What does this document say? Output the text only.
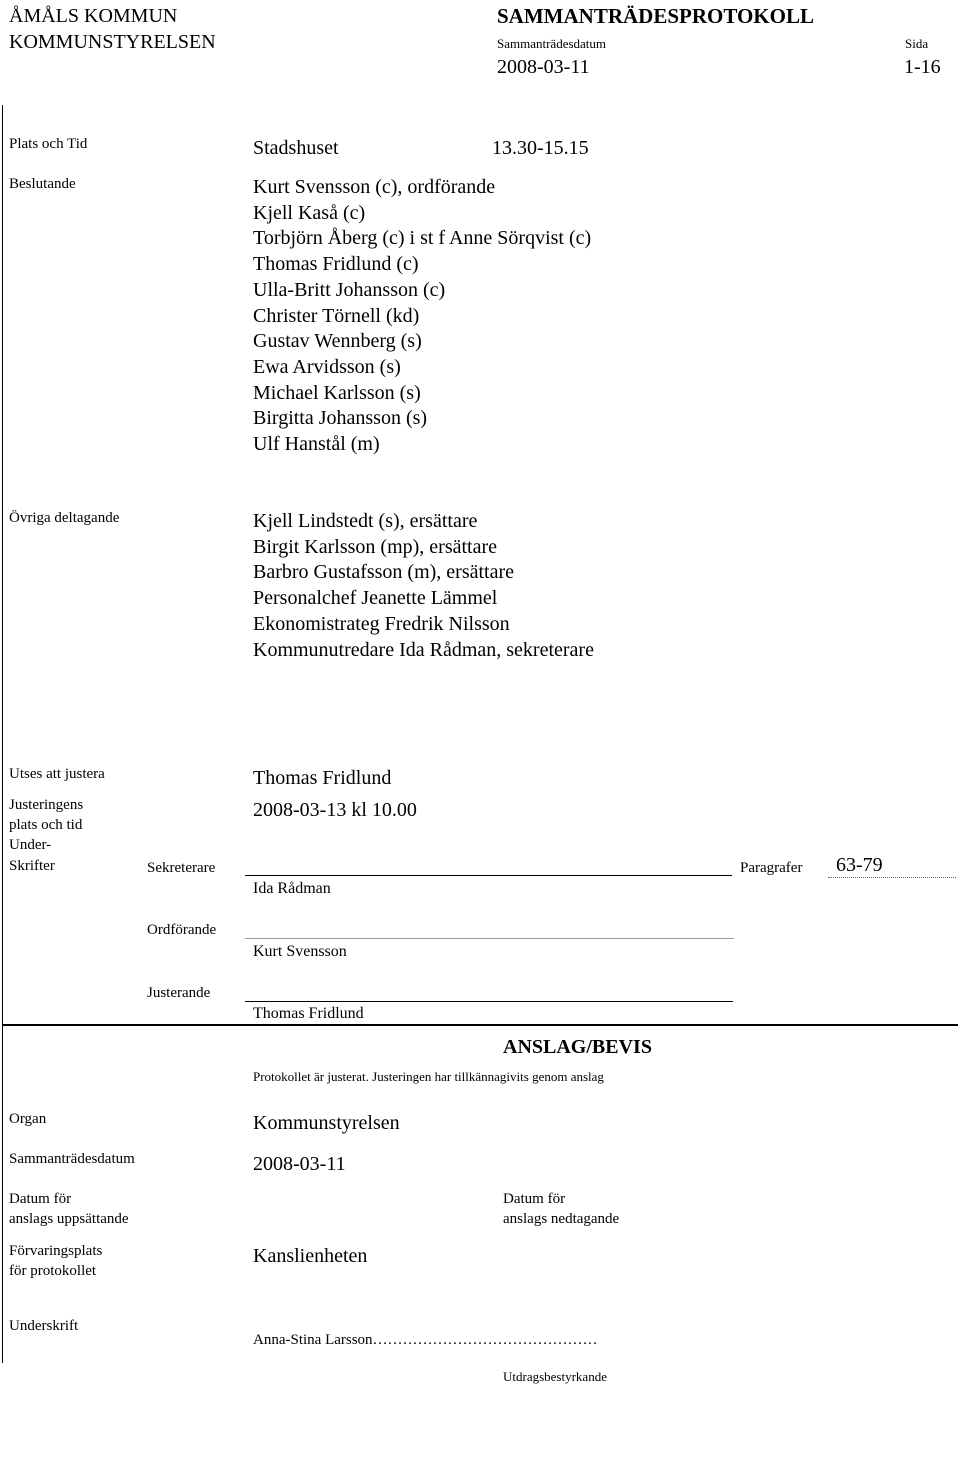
ÅMÅLS KOMMUN
KOMMUNSTYRELSEN
SAMMANTRÄDESPROTOKOLL
Sammanträdesdatum	Sida
2008-03-11	1-16
Plats och Tid	Stadshuset	13.30-15.15
Beslutande	Kurt Svensson (c), ordförande
Kjell Kaså (c)
Torbjörn Åberg (c) i st f Anne Sörqvist (c)
Thomas Fridlund (c)
Ulla-Britt Johansson (c)
Christer Törnell (kd)
Gustav Wennberg (s)
Ewa Arvidsson (s)
Michael Karlsson (s)
Birgitta Johansson (s)
Ulf Hanstål (m)
Övriga deltagande	Kjell Lindstedt (s), ersättare
Birgit Karlsson (mp), ersättare
Barbro Gustafsson (m), ersättare
Personalchef Jeanette Lämmel
Ekonomistrateg Fredrik Nilsson
Kommunutredare Ida Rådman, sekreterare
Utses att justera	Thomas Fridlund
Justeringens
plats och tid
2008-03-13 kl 10.00
Under-
Skrifter	Sekreterare
Ida Rådman
Paragrafer 63-79
Ordförande
Kurt Svensson
Justerande
Thomas Fridlund
ANSLAG/BEVIS
Protokollet är justerat. Justeringen har tillkännagivits genom anslag
Organ	Kommunstyrelsen
Sammanträdesdatum	2008-03-11
Datum för
anslags uppsättande
Datum för
anslags nedtagande
Förvaringsplats
för protokollet
Kanslienheten
Underskrift
Anna-Stina Larsson………………………………………
Utdragsbestyrkande
